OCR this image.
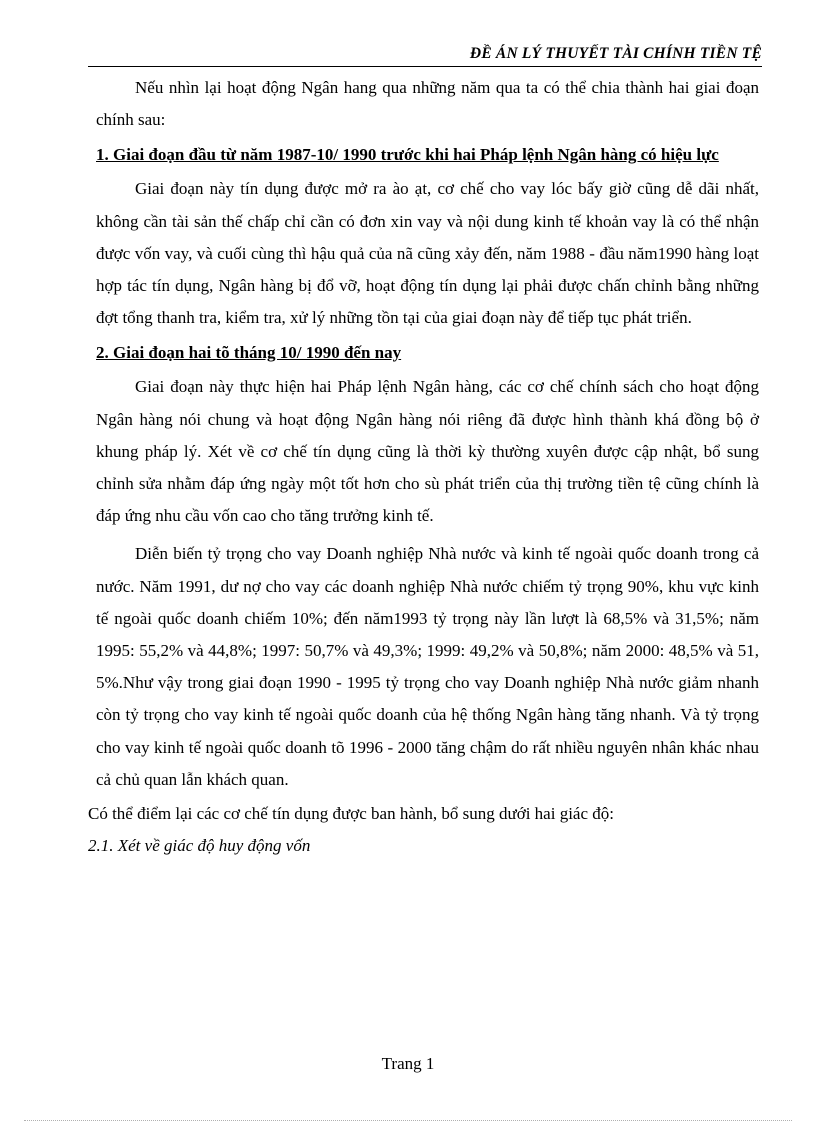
ĐỀ ÁN LÝ THUYẾT TÀI CHÍNH TIỀN TỆ

Nếu nhìn lại hoạt động Ngân hang qua những năm qua ta có thể chia thành hai giai đoạn chính sau:

1. Giai đoạn đầu từ năm 1987-10/ 1990 trước khi hai Pháp lệnh Ngân hàng có hiệu lực

Giai đoạn này tín dụng được mở ra ào ạt, cơ chế cho vay lóc bấy giờ cũng dễ dãi nhất, không cần tài sản thế chấp chỉ cần có đơn xin vay và nội dung kinh tế khoản vay là có thể nhận được vốn vay, và cuối cùng thì hậu quả của nã cũng xảy đến, năm 1988 - đầu năm1990 hàng loạt hợp tác tín dụng, Ngân hàng bị đổ vỡ, hoạt động tín dụng lại phải được chấn chỉnh bằng những đợt tổng thanh tra, kiểm tra, xử lý những tồn tại của giai đoạn này để tiếp tục phát triển.

2. Giai đoạn hai tõ tháng 10/ 1990 đến nay

Giai đoạn này thực hiện hai Pháp lệnh Ngân hàng, các cơ chế chính sách cho hoạt động Ngân hàng nói chung và hoạt động Ngân hàng nói riêng đã được hình thành khá đồng bộ ở khung pháp lý. Xét về cơ chế tín dụng cũng là thời kỳ thường xuyên được cập nhật, bổ sung chỉnh sửa nhằm đáp ứng ngày một tốt hơn cho sù phát triển của thị trường tiền tệ cũng chính là đáp ứng nhu cầu vốn cao cho tăng trưởng kinh tế.

Diễn biến tỷ trọng cho vay Doanh nghiệp Nhà nước và kinh tế ngoài quốc doanh trong cả nước. Năm 1991, dư nợ cho vay các doanh nghiệp Nhà nước chiếm tỷ trọng 90%, khu vực kinh tế ngoài quốc doanh chiếm 10%; đến năm1993 tỷ trọng này lần lượt là 68,5% và 31,5%; năm 1995: 55,2% và 44,8%; 1997: 50,7% và 49,3%; 1999: 49,2% và 50,8%; năm 2000: 48,5% và 51, 5%.Như vậy trong giai đoạn 1990 - 1995 tỷ trọng cho vay Doanh nghiệp Nhà nước giảm nhanh còn tỷ trọng cho vay kinh tế ngoài quốc doanh của hệ thống Ngân hàng tăng nhanh. Và tỷ trọng cho vay kinh tế ngoài quốc doanh tõ 1996 - 2000 tăng chậm do rất nhiều nguyên nhân khác nhau cả chủ quan lẫn khách quan.

Có thể điểm lại các cơ chế tín dụng được ban hành, bổ sung dưới hai giác độ:

2.1. Xét về giác độ huy động vốn

Trang 1
